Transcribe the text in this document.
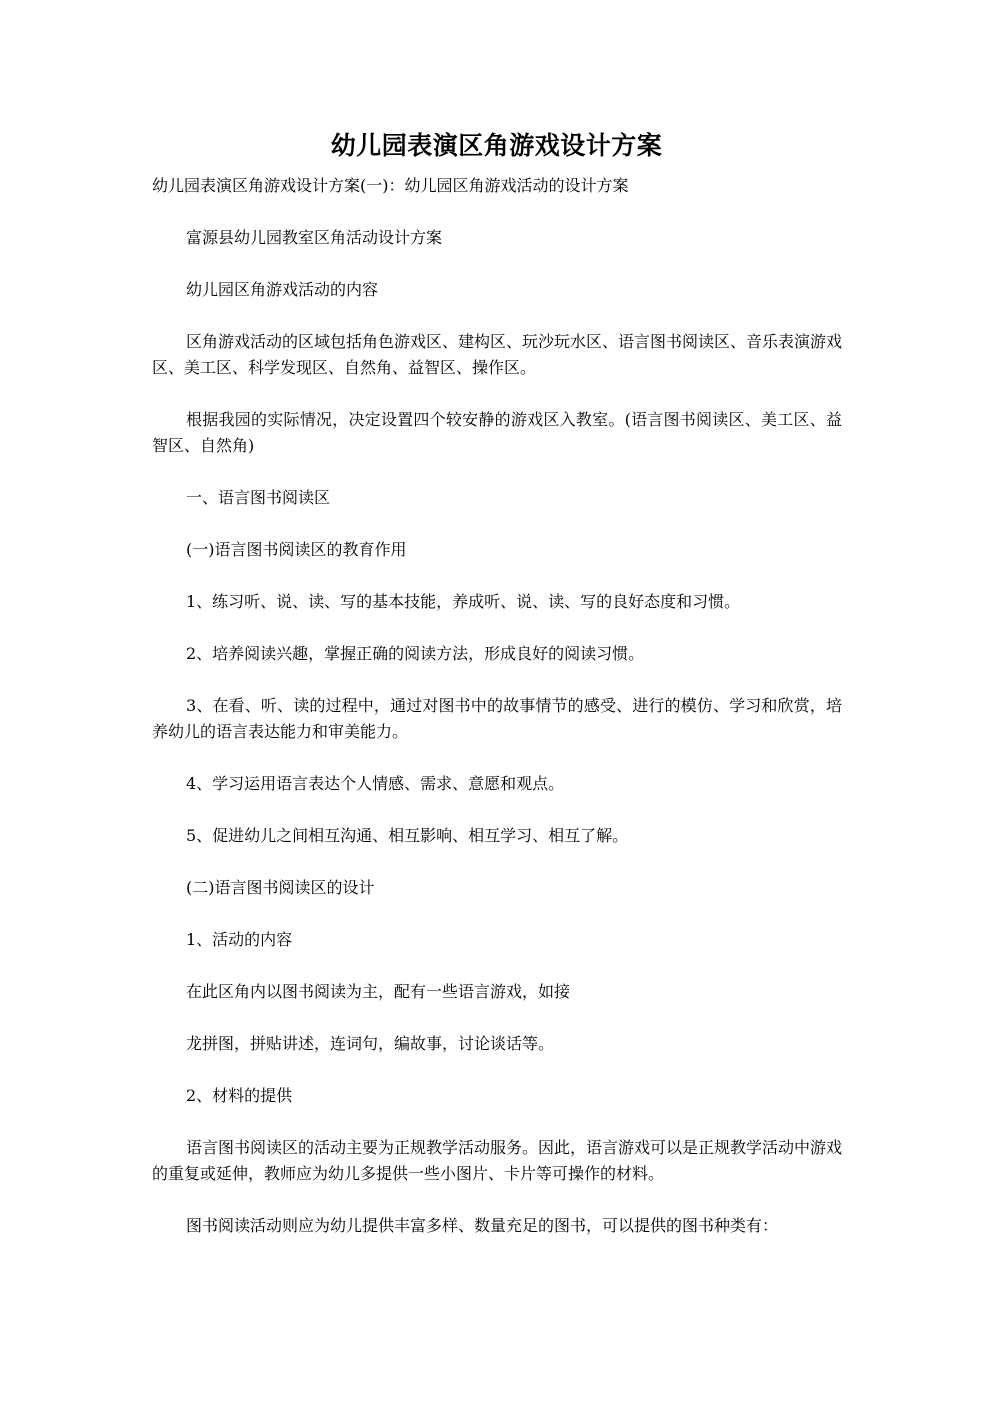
幼儿园表演区角游戏设计方案

幼儿园表演区角游戏设计方案(一)：幼儿园区角游戏活动的设计方案

富源县幼儿园教室区角活动设计方案

幼儿园区角游戏活动的内容

区角游戏活动的区域包括角色游戏区、建构区、玩沙玩水区、语言图书阅读区、音乐表演游戏区、美工区、科学发现区、自然角、益智区、操作区。

根据我园的实际情况，决定设置四个较安静的游戏区入教室。(语言图书阅读区、美工区、益智区、自然角)

一、语言图书阅读区

(一)语言图书阅读区的教育作用

1、练习听、说、读、写的基本技能，养成听、说、读、写的良好态度和习惯。

2、培养阅读兴趣，掌握正确的阅读方法，形成良好的阅读习惯。

3、在看、听、读的过程中，通过对图书中的故事情节的感受、进行的模仿、学习和欣赏，培养幼儿的语言表达能力和审美能力。

4、学习运用语言表达个人情感、需求、意愿和观点。

5、促进幼儿之间相互沟通、相互影响、相互学习、相互了解。

(二)语言图书阅读区的设计

1、活动的内容

在此区角内以图书阅读为主，配有一些语言游戏，如接

龙拼图，拼贴讲述，连词句，编故事，讨论谈话等。

2、材料的提供

语言图书阅读区的活动主要为正规教学活动服务。因此，语言游戏可以是正规教学活动中游戏的重复或延伸，教师应为幼儿多提供一些小图片、卡片等可操作的材料。

图书阅读活动则应为幼儿提供丰富多样、数量充足的图书，可以提供的图书种类有：
